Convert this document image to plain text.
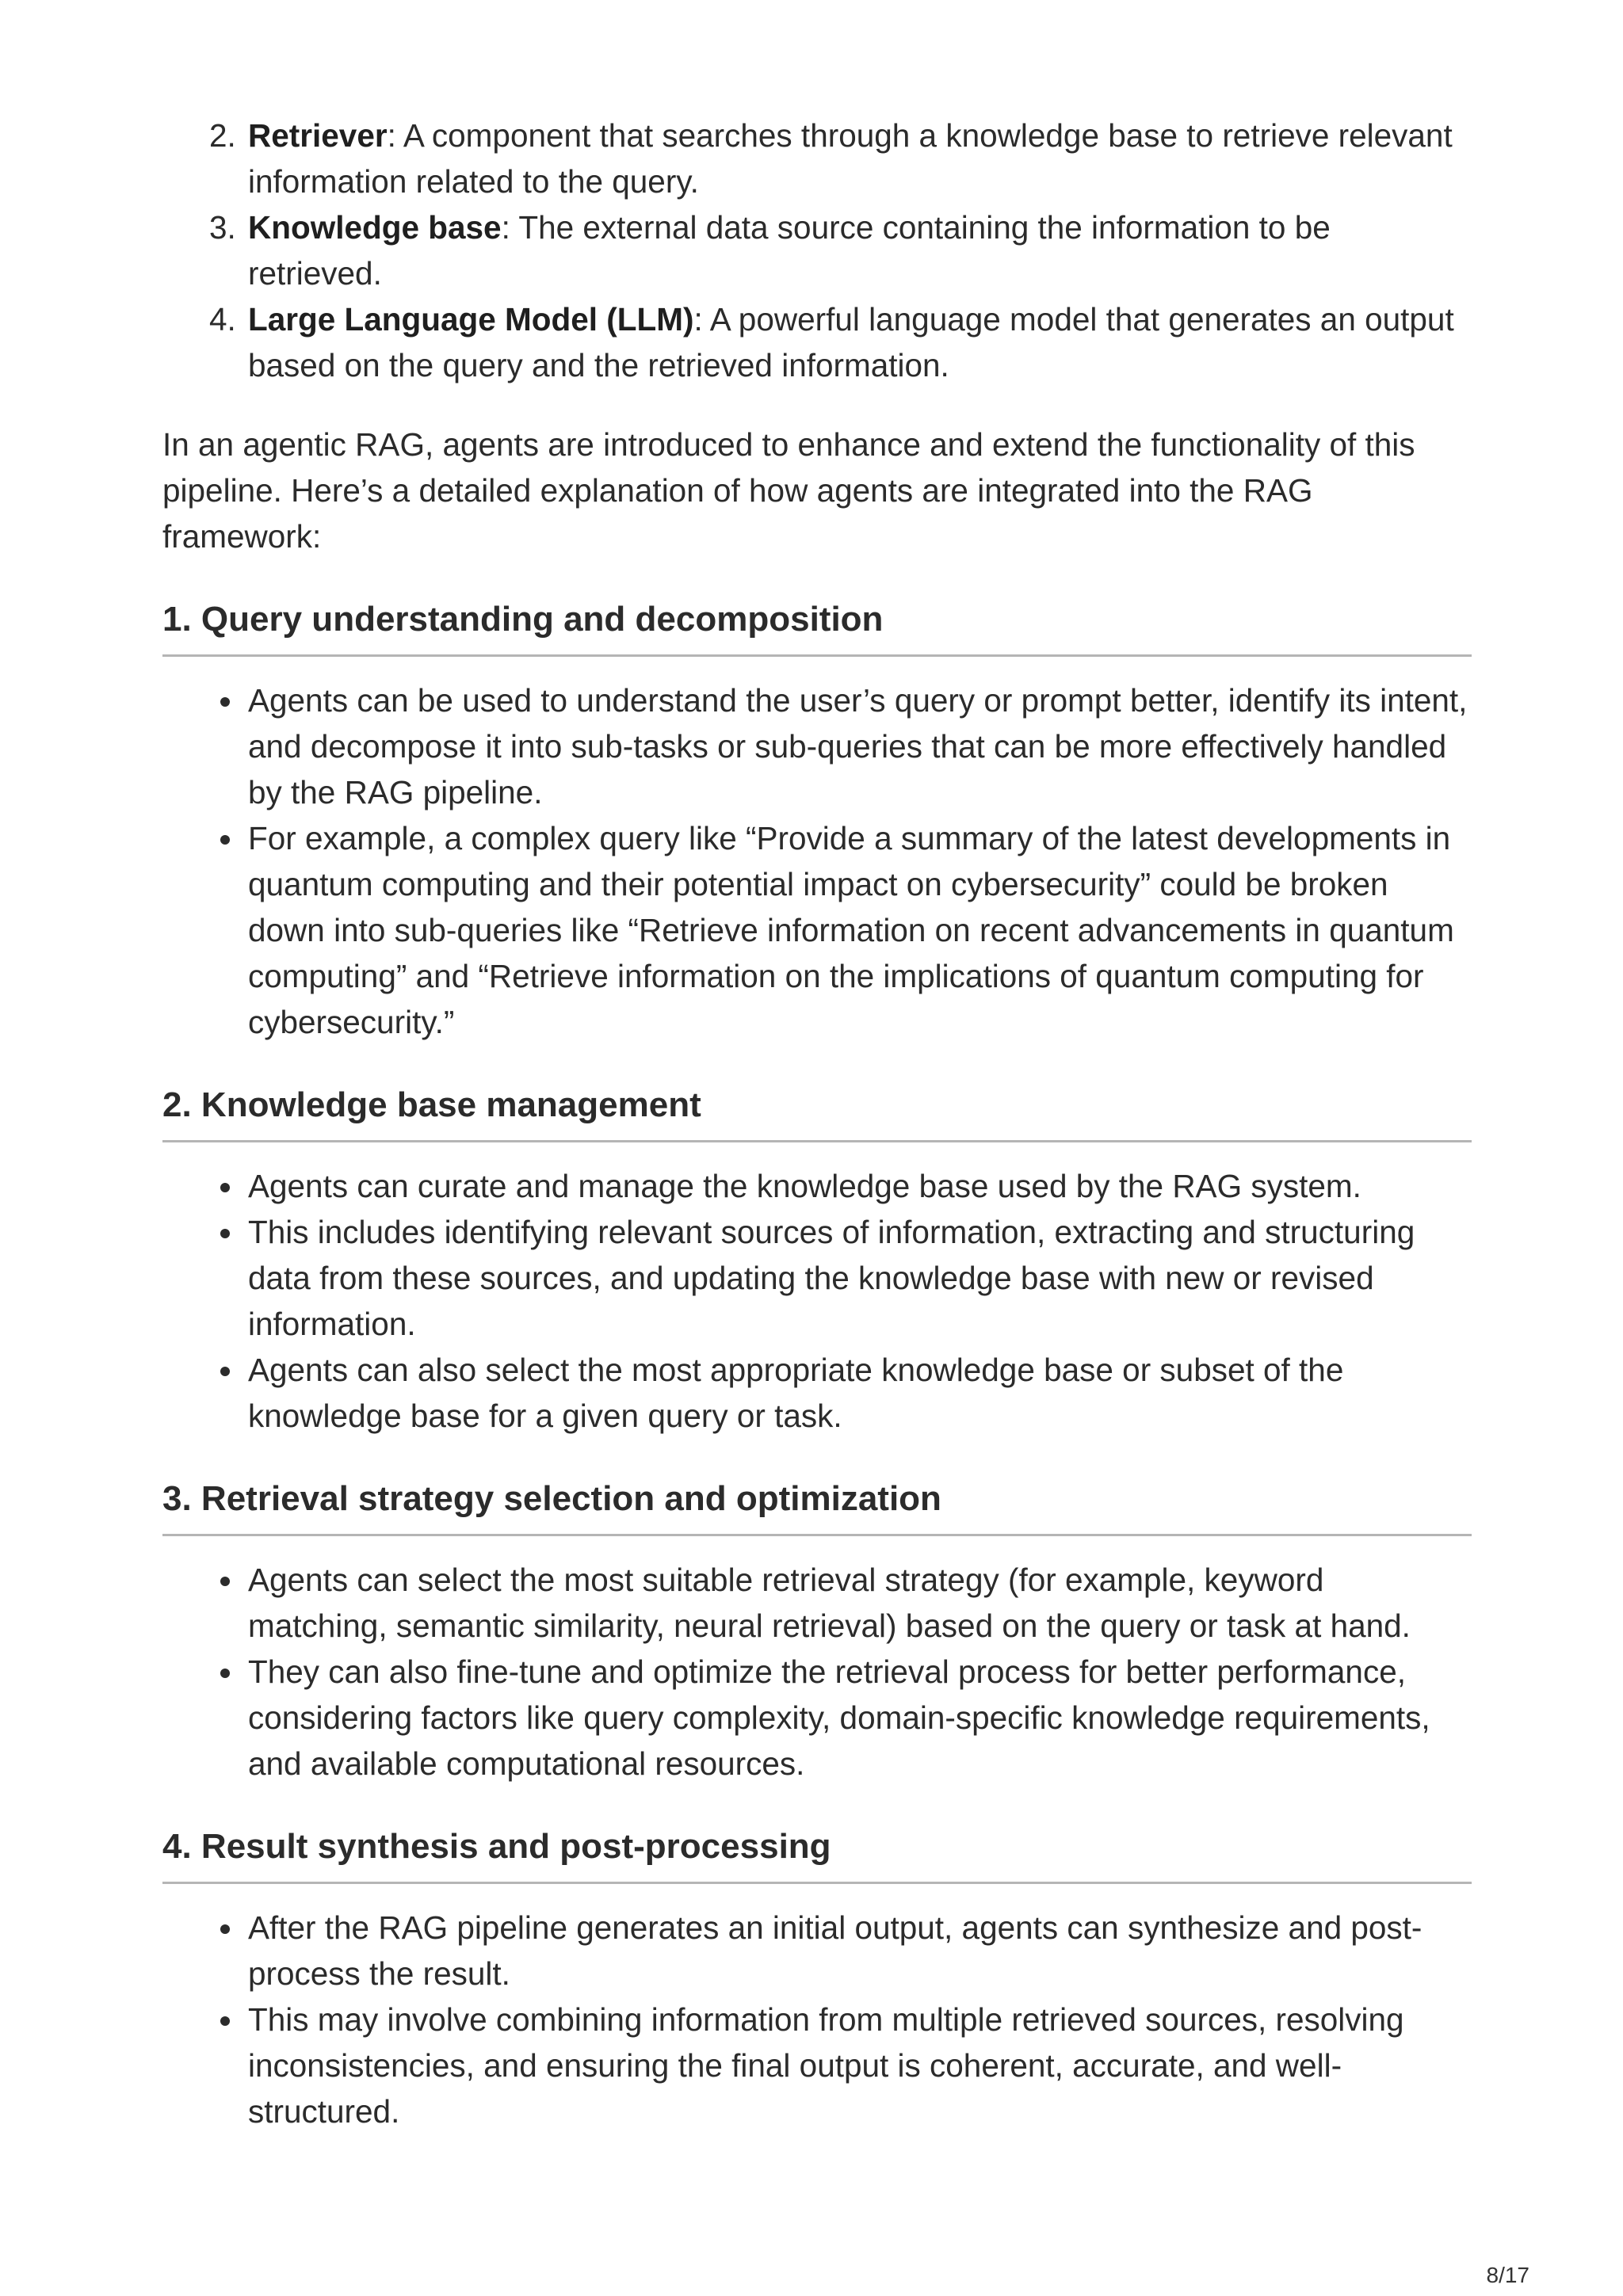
2. Retriever: A component that searches through a knowledge base to retrieve relevant information related to the query.
3. Knowledge base: The external data source containing the information to be retrieved.
4. Large Language Model (LLM): A powerful language model that generates an output based on the query and the retrieved information.

In an agentic RAG, agents are introduced to enhance and extend the functionality of this pipeline. Here’s a detailed explanation of how agents are integrated into the RAG framework:

1. Query understanding and decomposition
• Agents can be used to understand the user’s query or prompt better, identify its intent, and decompose it into sub-tasks or sub-queries that can be more effectively handled by the RAG pipeline.
• For example, a complex query like “Provide a summary of the latest developments in quantum computing and their potential impact on cybersecurity” could be broken down into sub-queries like “Retrieve information on recent advancements in quantum computing” and “Retrieve information on the implications of quantum computing for cybersecurity.”
2. Knowledge base management
• Agents can curate and manage the knowledge base used by the RAG system.
• This includes identifying relevant sources of information, extracting and structuring data from these sources, and updating the knowledge base with new or revised information.
• Agents can also select the most appropriate knowledge base or subset of the knowledge base for a given query or task.
3. Retrieval strategy selection and optimization
• Agents can select the most suitable retrieval strategy (for example, keyword matching, semantic similarity, neural retrieval) based on the query or task at hand.
• They can also fine-tune and optimize the retrieval process for better performance, considering factors like query complexity, domain-specific knowledge requirements, and available computational resources.
4. Result synthesis and post-processing
• After the RAG pipeline generates an initial output, agents can synthesize and post-process the result.
• This may involve combining information from multiple retrieved sources, resolving inconsistencies, and ensuring the final output is coherent, accurate, and well-structured.
8/17
